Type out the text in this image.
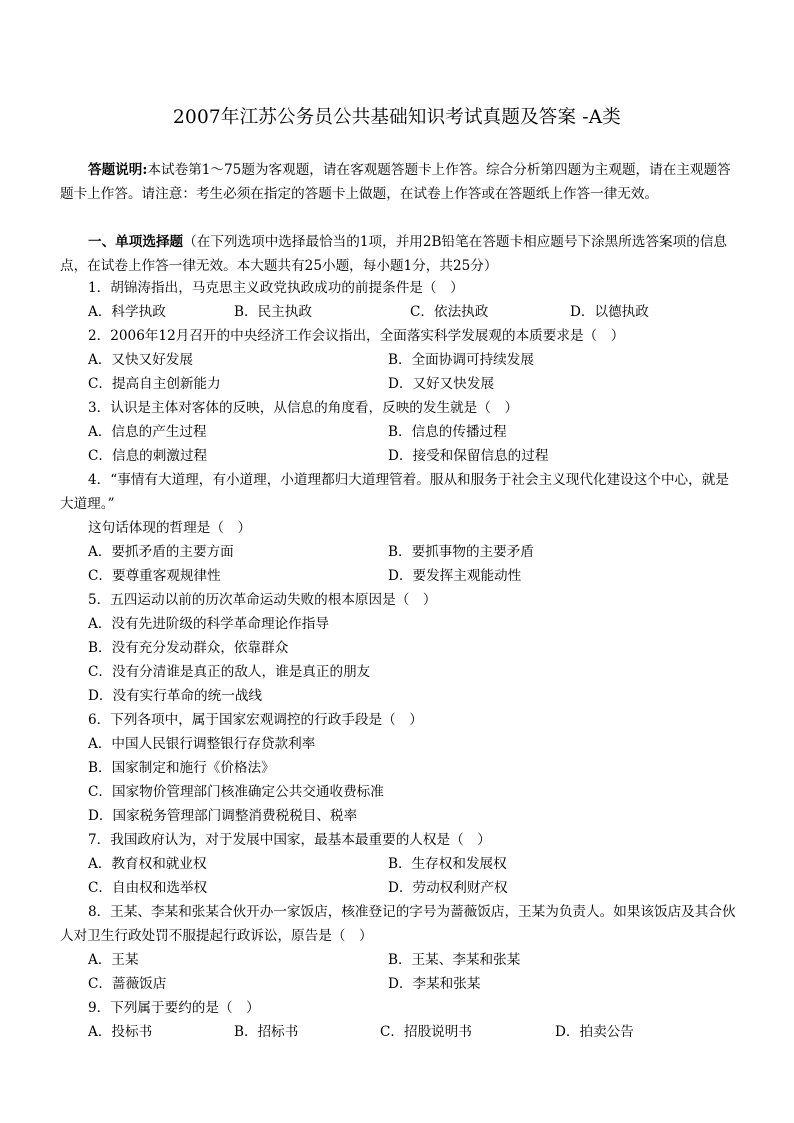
2007年江苏公务员公共基础知识考试真题及答案 -A类

答题说明:本试卷第1～75题为客观题，请在客观题答题卡上作答。综合分析第四题为主观题，请在主观题答题卡上作答。请注意：考生必须在指定的答题卡上做题，在试卷上作答或在答题纸上作答一律无效。

一、单项选择题（在下列选项中选择最恰当的1项，并用2B铅笔在答题卡相应题号下涂黑所选答案项的信息点，在试卷上作答一律无效。本大题共有25小题，每小题1分，共25分）

1．胡锦涛指出，马克思主义政党执政成功的前提条件是（　）
A．科学执政	B．民主执政	C．依法执政	D．以德执政
2．2006年12月召开的中央经济工作会议指出，全面落实科学发展观的本质要求是（　）
A．又快又好发展	B．全面协调可持续发展
C．提高自主创新能力	D．又好又快发展
3．认识是主体对客体的反映，从信息的角度看，反映的发生就是（　）
A．信息的产生过程	B．信息的传播过程
C．信息的刺激过程	D．接受和保留信息的过程

4．“事情有大道理，有小道理，小道理都归大道理管着。服从和服务于社会主义现代化建设这个中心，就是大道理。”

这句话体现的哲理是（　）
A．要抓矛盾的主要方面	B．要抓事物的主要矛盾
C．要尊重客观规律性	D．要发挥主观能动性
5．五四运动以前的历次革命运动失败的根本原因是（　）
A．没有先进阶级的科学革命理论作指导
B．没有充分发动群众，依靠群众
C．没有分清谁是真正的敌人，谁是真正的朋友
D．没有实行革命的统一战线
6．下列各项中，属于国家宏观调控的行政手段是（　）
A．中国人民银行调整银行存贷款利率
B．国家制定和施行《价格法》
C．国家物价管理部门核准确定公共交通收费标准
D．国家税务管理部门调整消费税税目、税率
7．我国政府认为，对于发展中国家，最基本最重要的人权是（　）
A．教育权和就业权	B．生存权和发展权
C．自由权和选举权	D．劳动权利财产权

8．王某、李某和张某合伙开办一家饭店，核准登记的字号为蔷薇饭店，王某为负责人。如果该饭店及其合伙人对卫生行政处罚不服提起行政诉讼，原告是（　）

A．王某	B．王某、李某和张某
C．蔷薇饭店	D．李某和张某
9．下列属于要约的是（　）
A．投标书	B．招标书	C．招股说明书	D．拍卖公告
